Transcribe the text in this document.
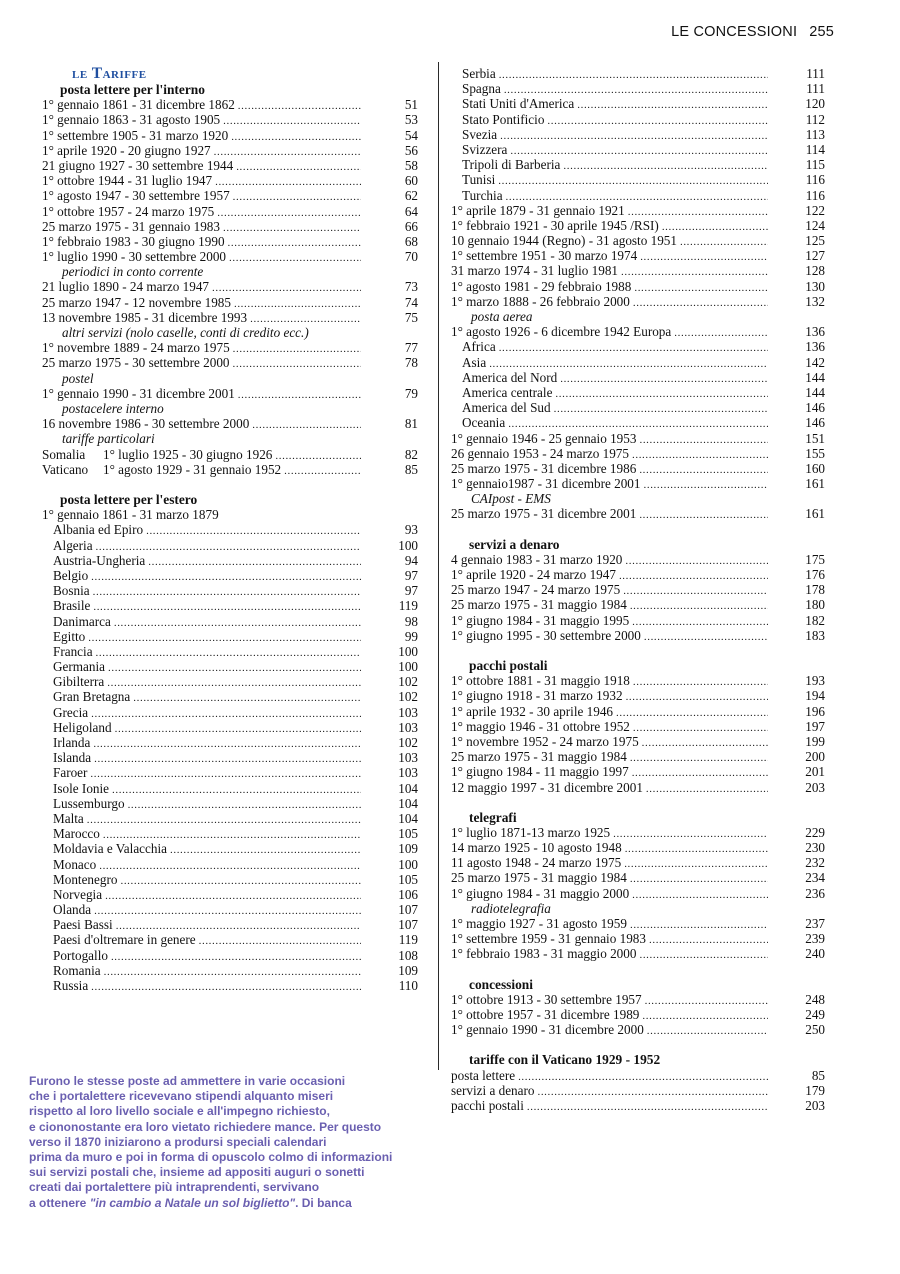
LE CONCESSIONI 255
le Tariffe
posta lettere per l'interno
1° gennaio 1861 - 31 dicembre 1862 .....	51
1° gennaio 1863 - 31 agosto 1905 .....	53
1° settembre 1905 - 31 marzo 1920 .....	54
1° aprile 1920 - 20 giugno 1927 .....	56
21 giugno 1927 - 30 settembre 1944 .....	58
1° ottobre 1944 - 31 luglio 1947 .....	60
1° agosto 1947 - 30 settembre 1957 .....	62
1° ottobre 1957 - 24 marzo 1975 .....	64
25 marzo 1975 - 31 gennaio 1983 .....	66
1° febbraio 1983 - 30 giugno 1990 .....	68
1° luglio 1990 - 30 settembre 2000 .....	70
periodici in conto corrente
21 luglio 1890 - 24 marzo 1947 .....	73
25 marzo 1947 - 12 novembre 1985 .....	74
13 novembre 1985 - 31 dicembre 1993 .....	75
altri servizi (nolo caselle, conti di credito ecc.)
1° novembre 1889 - 24 marzo 1975 .....	77
25 marzo 1975 - 30 settembre 2000 .....	78
postel
1° gennaio 1990 - 31 dicembre 2001 .....	79
postacelere interno
16 novembre 1986 - 30 settembre 2000 .....	81
tariffe particolari
Somalia 1° luglio 1925 - 30 giugno 1926 .....	82
Vaticano 1° agosto 1929 - 31 gennaio 1952 .....	85
posta lettere per l'estero
1° gennaio 1861 - 31 marzo 1879
Albania ed Epiro .....	93
Algeria .....	100
Austria-Ungheria .....	94
Belgio .....	97
Bosnia .....	97
Brasile .....	119
Danimarca .....	98
Egitto .....	99
Francia .....	100
Germania .....	100
Gibilterra .....	102
Gran Bretagna .....	102
Grecia .....	103
Heligoland .....	103
Irlanda .....	102
Islanda .....	103
Faroer .....	103
Isole Ionie .....	104
Lussemburgo .....	104
Malta .....	104
Marocco .....	105
Moldavia e Valacchia .....	109
Monaco .....	100
Montenegro .....	105
Norvegia .....	106
Olanda .....	107
Paesi Bassi .....	107
Paesi d'oltremare in genere .....	119
Portogallo .....	108
Romania .....	109
Russia .....	110
Serbia .....	111
Spagna .....	111
Stati Uniti d'America .....	120
Stato Pontificio .....	112
Svezia .....	113
Svizzera .....	114
Tripoli di Barberia .....	115
Tunisi .....	116
Turchia .....	116
1° aprile 1879 - 31 gennaio 1921 .....	122
1° febbraio 1921 - 30 aprile 1945 /RSI) .....	124
10 gennaio 1944 (Regno) - 31 agosto 1951 .....	125
1° settembre 1951 - 30 marzo 1974 .....	127
31 marzo 1974 - 31 luglio 1981 .....	128
1° agosto 1981 - 29 febbraio 1988 .....	130
1° marzo 1888 - 26 febbraio 2000 .....	132
posta aerea
1° agosto 1926 - 6 dicembre 1942 Europa .....	136
Africa .....	136
Asia .....	142
America del Nord .....	144
America centrale .....	144
America del Sud .....	146
Oceania .....	146
1° gennaio 1946 - 25 gennaio 1953 .....	151
26 gennaio 1953 - 24 marzo 1975 .....	155
25 marzo 1975 - 31 dicembre 1986 .....	160
1° gennaio1987 - 31 dicembre 2001 .....	161
CAIpost - EMS
25 marzo 1975 - 31 dicembre 2001 .....	161
servizi a denaro
4 gennaio 1983 - 31 marzo 1920 .....	175
1° aprile 1920 - 24 marzo 1947 .....	176
25 marzo 1947 - 24 marzo 1975 .....	178
25 marzo 1975 - 31 maggio 1984 .....	180
1° giugno 1984 - 31 maggio 1995 .....	182
1° giugno 1995 - 30 settembre 2000 .....	183
pacchi postali
1° ottobre 1881 - 31 maggio 1918 .....	193
1° giugno 1918 - 31 marzo 1932 .....	194
1° aprile 1932 - 30 aprile 1946 .....	196
1° maggio 1946 - 31 ottobre 1952 .....	197
1° novembre 1952 - 24 marzo 1975 .....	199
25 marzo 1975 - 31 maggio 1984 .....	200
1° giugno 1984 - 11 maggio 1997 .....	201
12 maggio 1997 - 31 dicembre 2001 .....	203
telegrafi
1° luglio 1871-13 marzo 1925 .....	229
14 marzo 1925 - 10 agosto 1948 .....	230
11 agosto 1948 - 24 marzo 1975 .....	232
25 marzo 1975 - 31 maggio 1984 .....	234
1° giugno 1984 - 31 maggio 2000 .....	236
radiotelegrafia
1° maggio 1927 - 31 agosto 1959 .....	237
1° settembre 1959 - 31 gennaio 1983 .....	239
1° febbraio 1983 - 31 maggio 2000 .....	240
concessioni
1° ottobre 1913 - 30 settembre 1957 .....	248
1° ottobre 1957 - 31 dicembre 1989 .....	249
1° gennaio 1990 - 31 dicembre 2000 .....	250
tariffe con il Vaticano 1929 - 1952
posta lettere .....	85
servizi a denaro .....	179
pacchi postali .....	203
Furono le stesse poste ad ammettere in varie occasioni
che i portalettere ricevevano stipendi alquanto miseri
rispetto al loro livello sociale e all'impegno richiesto,
e ciononostante era loro vietato richiedere mance. Per questo
verso il 1870 iniziarono a prodursi speciali calendari
prima da muro e poi in forma di opuscolo colmo di informazioni
sui servizi postali che, insieme ad appositi auguri o sonetti
creati dai portalettere più intraprendenti, servivano
a ottenere "in cambio a Natale un sol biglietto". Di banca
